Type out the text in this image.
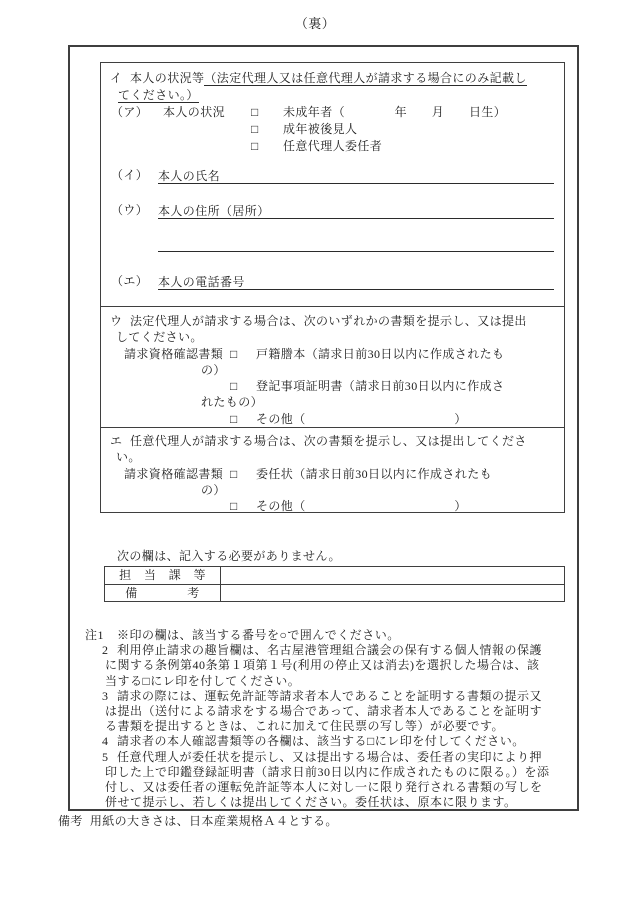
（裏）
イ 本人の状況等（法定代理人又は任意代理人が請求する場合にのみ記載し
てください。）
（ア）	本人の状況	□	未成年者（　　　　年　　月　　日生）
□	成年被後見人
□	任意代理人委任者
（イ） 本人の氏名
（ウ） 本人の住所（居所）
（エ） 本人の電話番号
ウ 法定代理人が請求する場合は、次のいずれかの書類を提示し、又は提出
してください。
請求資格確認書類 □	戸籍謄本（請求日前30日以内に作成されたも
の）
□	登記事項証明書（請求日前30日以内に作成さ
れたもの）
□	その他（　　　　　　　　　　　　）
エ 任意代理人が請求する場合は、次の書類を提示し、又は提出してくださ
い。
請求資格確認書類 □	委任状（請求日前30日以内に作成されたも
の）
□	その他（　　　　　　　　　　　　）
次の欄は、記入する必要がありません。
担　当　課　等
備　　　　考
注1 ※印の欄は、該当する番号を○で囲んでください。
2 利用停止請求の趣旨欄は、名古屋港管理組合議会の保有する個人情報の保護
に関する条例第40条第１項第１号(利用の停止又は消去)を選択した場合は、該
当する□にレ印を付してください。
3 請求の際には、運転免許証等請求者本人であることを証明する書類の提示又
は提出（送付による請求をする場合であって、請求者本人であることを証明す
る書類を提出するときは、これに加えて住民票の写し等）が必要です。
4 請求者の本人確認書類等の各欄は、該当する□にレ印を付してください。
5 任意代理人が委任状を提示し、又は提出する場合は、委任者の実印により押
印した上で印鑑登録証明書（請求日前30日以内に作成されたものに限る。）を添
付し、又は委任者の運転免許証等本人に対し一に限り発行される書類の写しを
併せて提示し、若しくは提出してください。委任状は、原本に限ります。
備考 用紙の大きさは、日本産業規格Ａ４とする。
